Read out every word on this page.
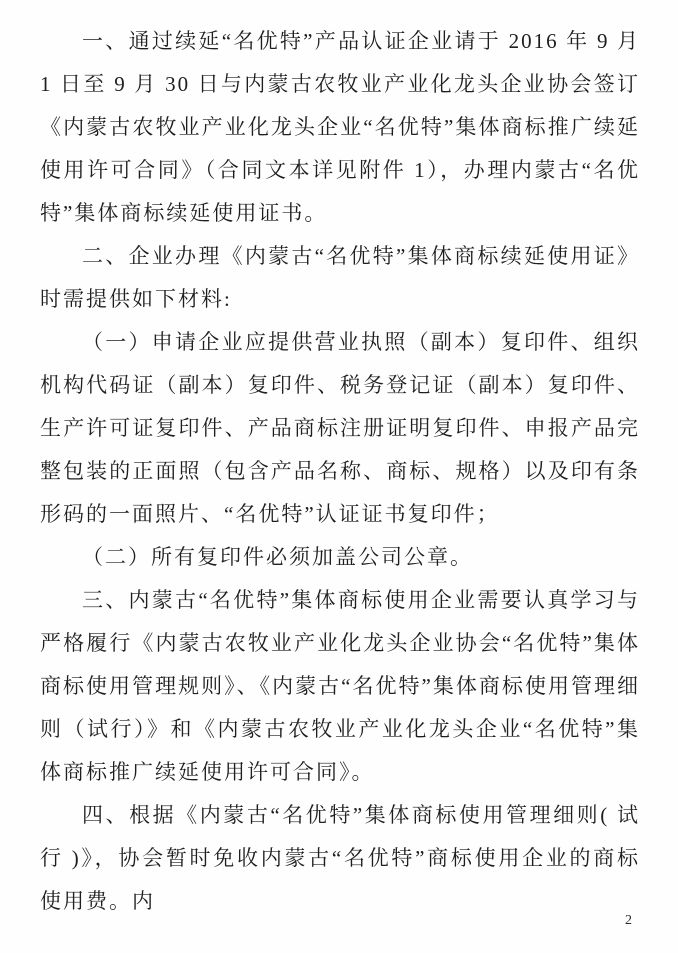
一、通过续延“名优特”产品认证企业请于 2016 年 9 月 1 日至 9 月 30 日与内蒙古农牧业产业化龙头企业协会签订《内蒙古农牧业产业化龙头企业“名优特”集体商标推广续延使用许可合同》（合同文本详见附件 1），办理内蒙古“名优特”集体商标续延使用证书。

二、企业办理《内蒙古“名优特”集体商标续延使用证》时需提供如下材料:

（一）申请企业应提供营业执照（副本）复印件、组织机构代码证（副本）复印件、税务登记证（副本）复印件、生产许可证复印件、产品商标注册证明复印件、申报产品完整包装的正面照（包含产品名称、商标、规格）以及印有条形码的一面照片、“名优特”认证证书复印件；

（二）所有复印件必须加盖公司公章。

三、内蒙古“名优特”集体商标使用企业需要认真学习与严格履行《内蒙古农牧业产业化龙头企业协会“名优特”集体商标使用管理规则》、《内蒙古“名优特”集体商标使用管理细则（试行）》和《内蒙古农牧业产业化龙头企业“名优特”集体商标推广续延使用许可合同》。

四、根据《内蒙古“名优特”集体商标使用管理细则( 试行 )》，协会暂时免收内蒙古“名优特”商标使用企业的商标使用费。内

2
